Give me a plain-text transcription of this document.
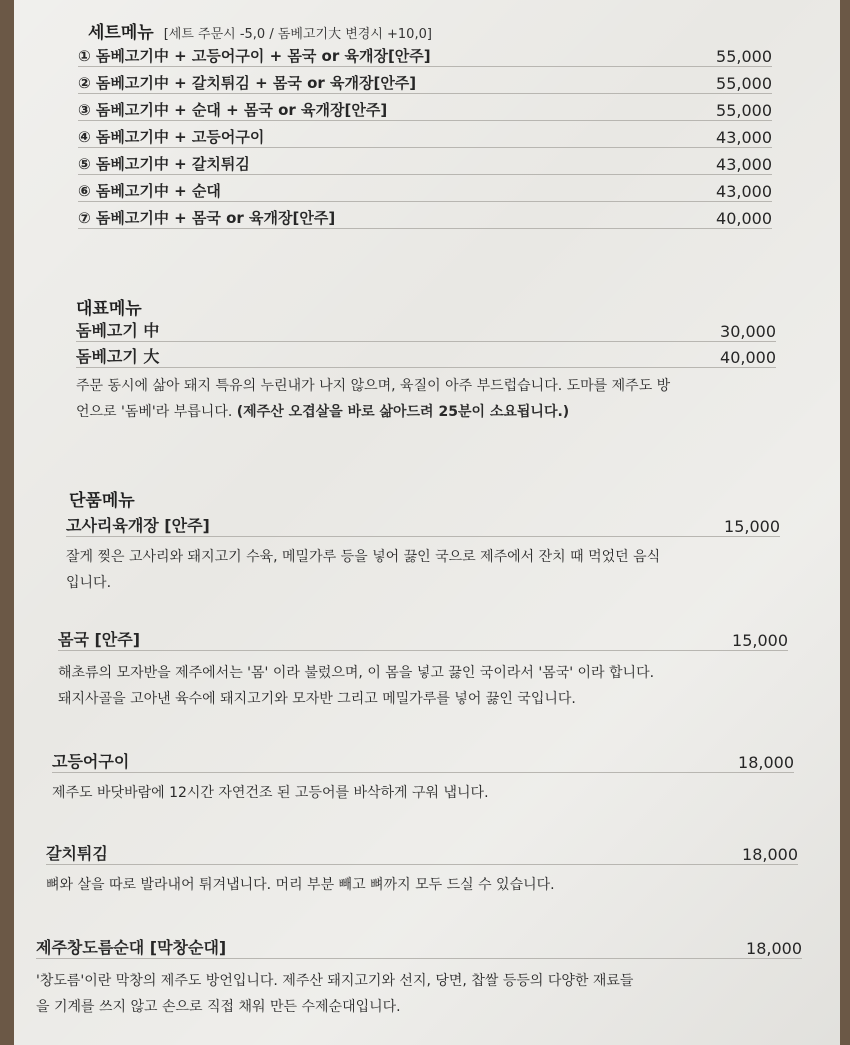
세트메뉴 [세트 주문시 -5,0 / 돔베고기大 변경시 +10,0]
① 돔베고기中 + 고등어구이 + 몸국 or 육개장[안주]	55,000
② 돔베고기中 + 갈치튀김 + 몸국 or 육개장[안주]	55,000
③ 돔베고기中 + 순대 + 몸국 or 육개장[안주]	55,000
④ 돔베고기中 + 고등어구이	43,000
⑤ 돔베고기中 + 갈치튀김	43,000
⑥ 돔베고기中 + 순대	43,000
⑦ 돔베고기中 + 몸국 or 육개장[안주]	40,000
대표메뉴
돔베고기 中	30,000
돔베고기 大	40,000
주문 동시에 삶아 돼지 특유의 누린내가 나지 않으며, 육질이 아주 부드럽습니다. 도마를 제주도 방
언으로 '돔베'라 부릅니다. (제주산 오겹살을 바로 삶아드려 25분이 소요됩니다.)
단품메뉴
고사리육개장 [안주]	15,000
잘게 찢은 고사리와 돼지고기 수육, 메밀가루 등을 넣어 끓인 국으로 제주에서 잔치 때 먹었던 음식
입니다.
몸국 [안주]	15,000
해초류의 모자반을 제주에서는 '몸' 이라 불렀으며, 이 몸을 넣고 끓인 국이라서 '몸국' 이라 합니다.
돼지사골을 고아낸 육수에 돼지고기와 모자반 그리고 메밀가루를 넣어 끓인 국입니다.
고등어구이	18,000
제주도 바닷바람에 12시간 자연건조 된 고등어를 바삭하게 구워 냅니다.
갈치튀김	18,000
뼈와 살을 따로 발라내어 튀겨냅니다. 머리 부분 빼고 뼈까지 모두 드실 수 있습니다.
제주창도름순대 [막창순대]	18,000
'창도름'이란 막창의 제주도 방언입니다. 제주산 돼지고기와 선지, 당면, 찹쌀 등등의 다양한 재료들
을 기계를 쓰지 않고 손으로 직접 채워 만든 수제순대입니다.
